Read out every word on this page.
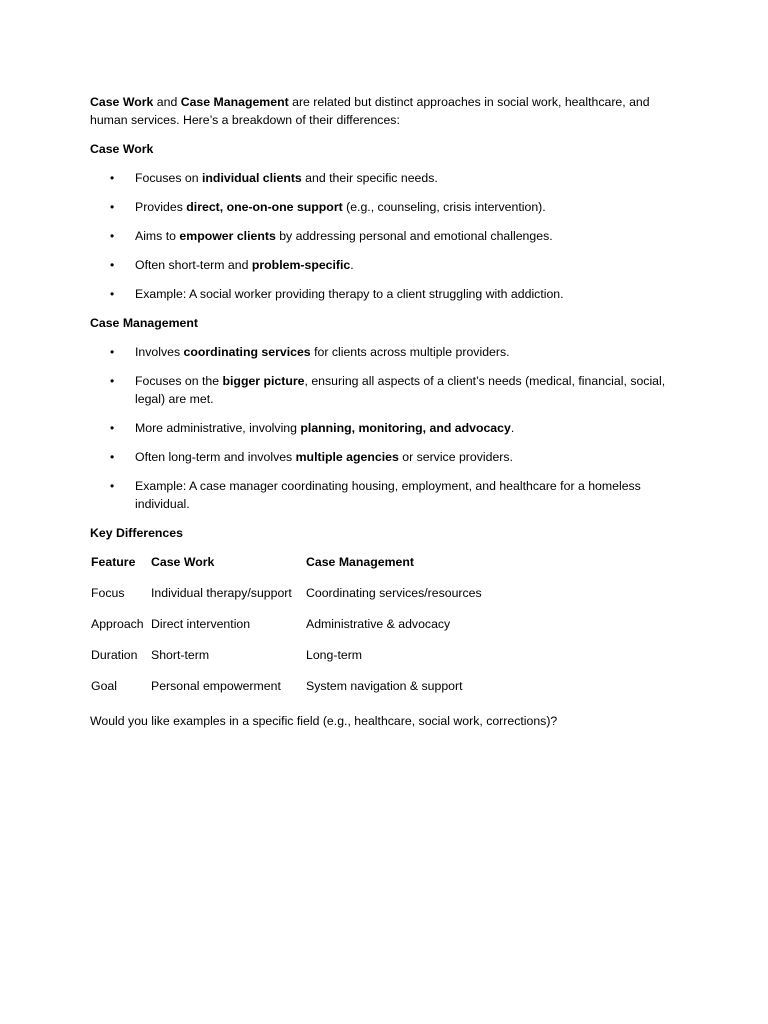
Case Work and Case Management are related but distinct approaches in social work, healthcare, and human services. Here’s a breakdown of their differences:

Case Work

• Focuses on individual clients and their specific needs.
• Provides direct, one-on-one support (e.g., counseling, crisis intervention).
• Aims to empower clients by addressing personal and emotional challenges.
• Often short-term and problem-specific.
• Example: A social worker providing therapy to a client struggling with addiction.

Case Management

• Involves coordinating services for clients across multiple providers.
• Focuses on the bigger picture, ensuring all aspects of a client’s needs (medical, financial, social, legal) are met.
• More administrative, involving planning, monitoring, and advocacy.
• Often long-term and involves multiple agencies or service providers.
• Example: A case manager coordinating housing, employment, and healthcare for a homeless individual.

Key Differences

Feature	Case Work	Case Management
Focus	Individual therapy/support	Coordinating services/resources
Approach	Direct intervention	Administrative & advocacy
Duration	Short-term	Long-term
Goal	Personal empowerment	System navigation & support

Would you like examples in a specific field (e.g., healthcare, social work, corrections)?
